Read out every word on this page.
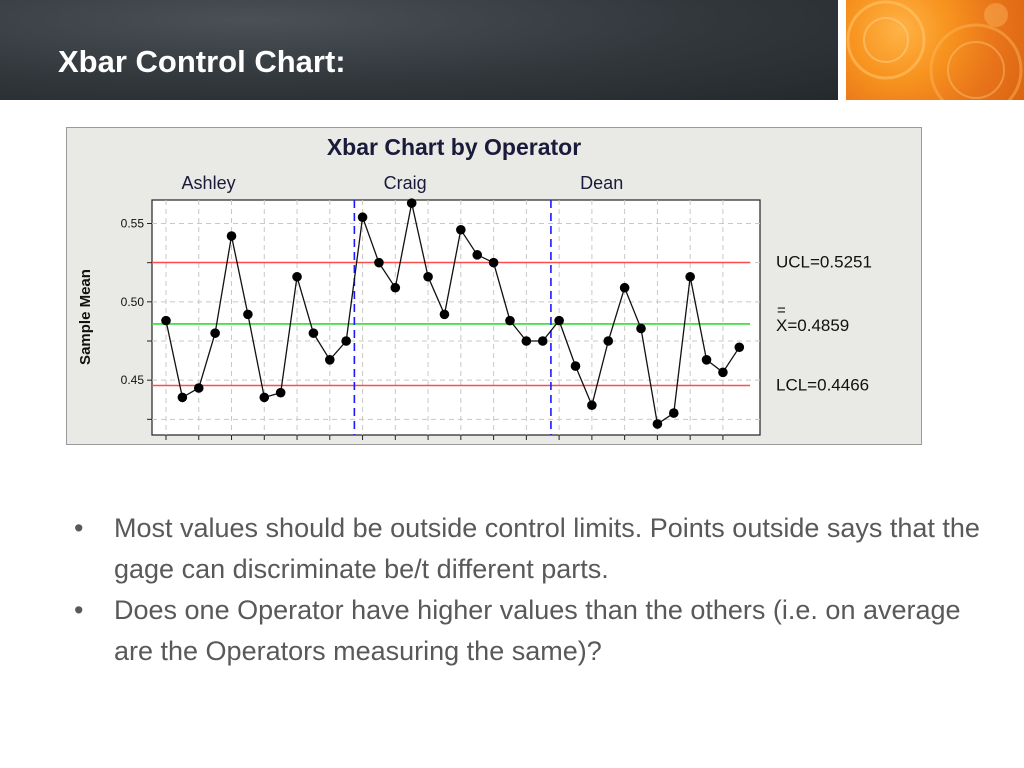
Xbar Control Chart:
Xbar Chart by Operator
Sample Mean
0.45
0.50
0.55
UCL=0.5251
X=0.4859
=
LCL=0.4466
Ashley	Craig	Dean
• Most values should be outside control limits. Points outside says that the gage can discriminate be/t different parts.
• Does one Operator have higher values than the others (i.e. on average are the Operators measuring the same)?
